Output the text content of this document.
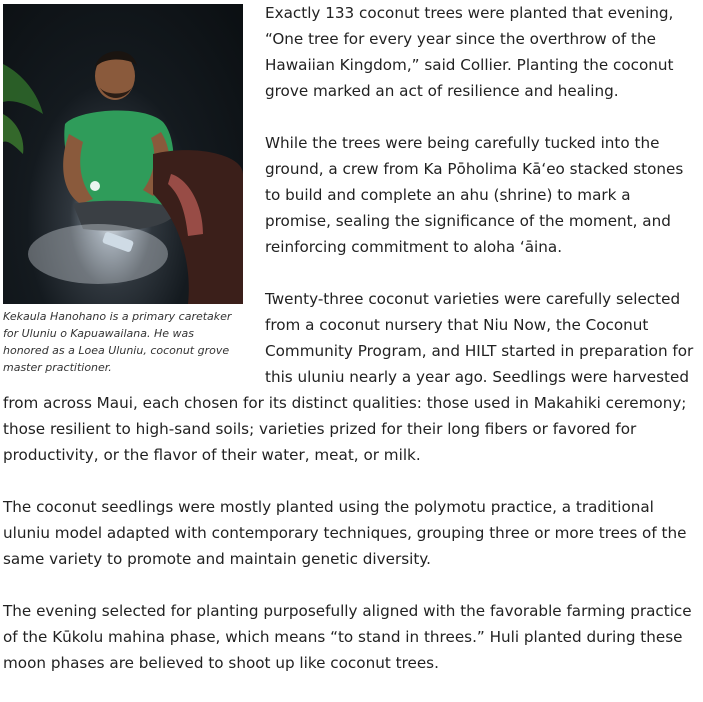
Kekaula Hanohano is a primary caretaker for Uluniu o Kapuawailana. He was honored as a Loea Uluniu, coconut grove master practitioner.

Exactly 133 coconut trees were planted that evening, “One tree for every year since the overthrow of the Hawaiian Kingdom,” said Collier. Planting the coconut grove marked an act of resilience and healing.

While the trees were being carefully tucked into the ground, a crew from Ka Pōholima Kāʻeo stacked stones to build and complete an ahu (shrine) to mark a promise, sealing the significance of the moment, and reinforcing commitment to aloha ʻāina.

Twenty-three coconut varieties were carefully selected from a coconut nursery that Niu Now, the Coconut Community Program, and HILT started in preparation for this uluniu nearly a year ago. Seedlings were harvested from across Maui, each chosen for its distinct qualities: those used in Makahiki ceremony; those resilient to high-sand soils; varieties prized for their long fibers or favored for productivity, or the flavor of their water, meat, or milk.

The coconut seedlings were mostly planted using the polymotu practice, a traditional uluniu model adapted with contemporary techniques, grouping three or more trees of the same variety to promote and maintain genetic diversity.

The evening selected for planting purposefully aligned with the favorable farming practice of the Kūkolu mahina phase, which means “to stand in threes.” Huli planted during these moon phases are believed to shoot up like coconut trees.
